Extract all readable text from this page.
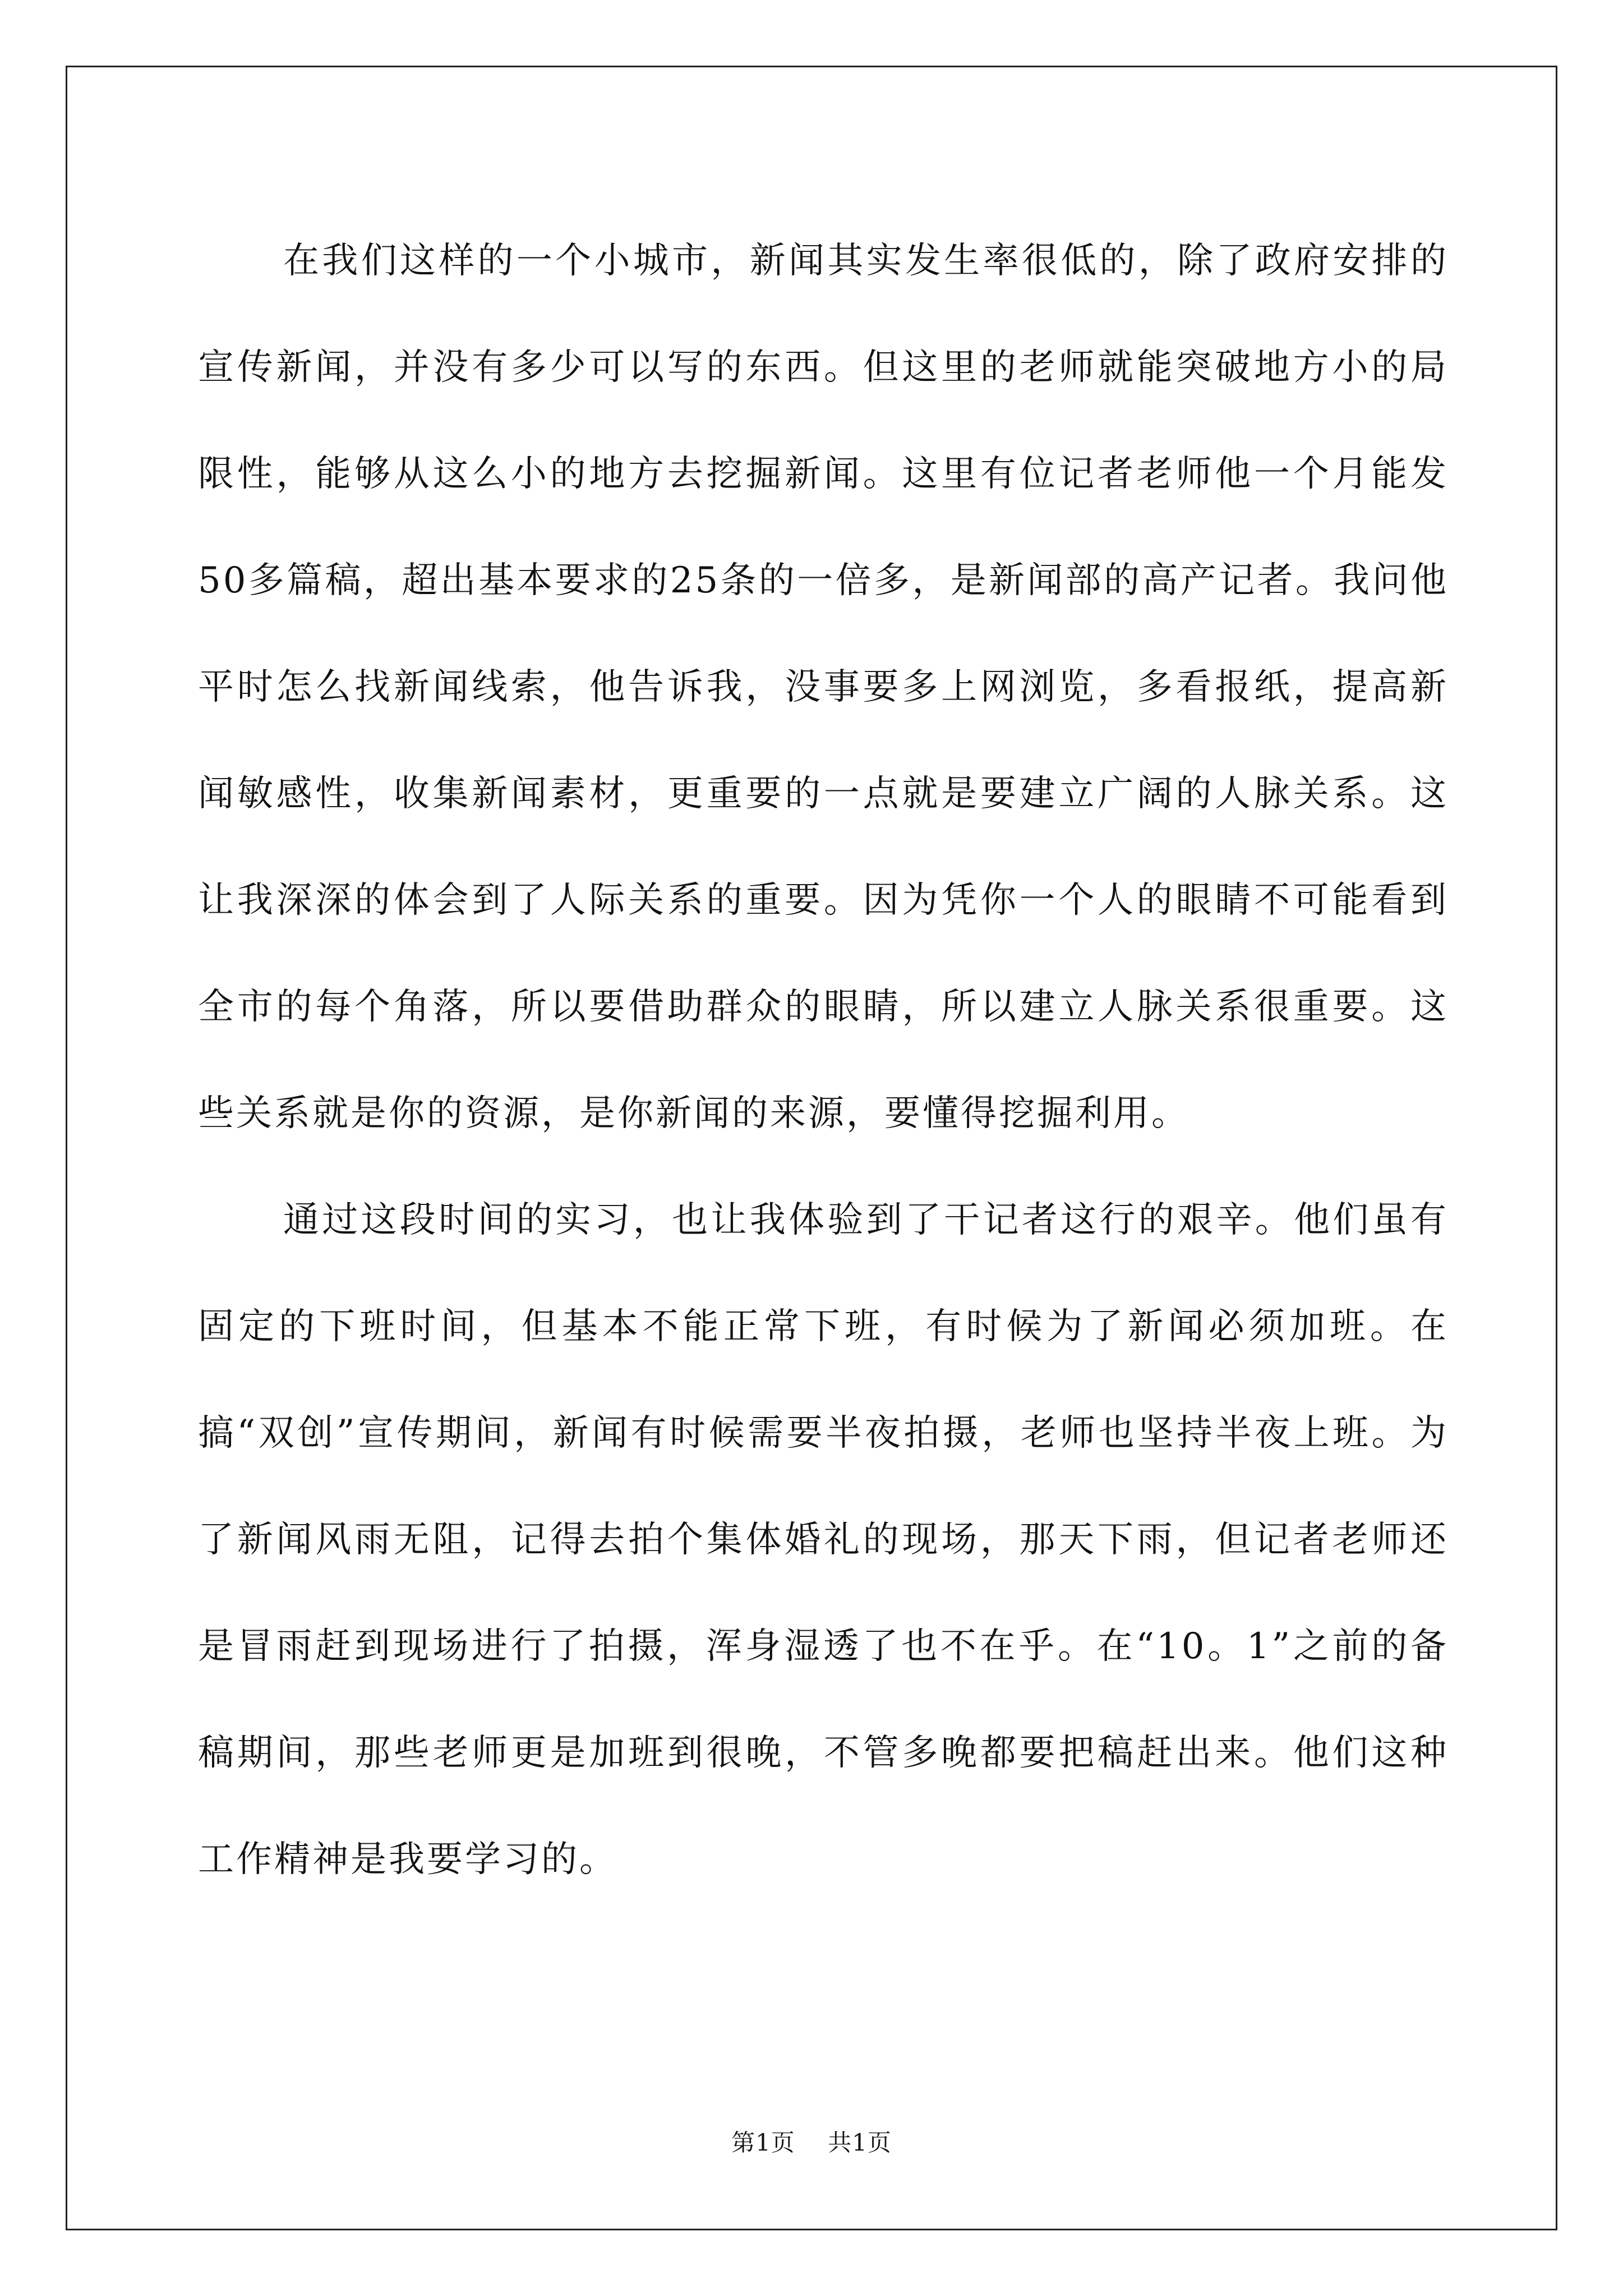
在我们这样的一个小城市，新闻其实发生率很低的，除了政府安排的宣传新闻，并没有多少可以写的东西。但这里的老师就能突破地方小的局限性，能够从这么小的地方去挖掘新闻。这里有位记者老师他一个月能发50多篇稿，超出基本要求的25条的一倍多，是新闻部的高产记者。我问他平时怎么找新闻线索，他告诉我，没事要多上网浏览，多看报纸，提高新闻敏感性，收集新闻素材，更重要的一点就是要建立广阔的人脉关系。这让我深深的体会到了人际关系的重要。因为凭你一个人的眼睛不可能看到全市的每个角落，所以要借助群众的眼睛，所以建立人脉关系很重要。这些关系就是你的资源，是你新闻的来源，要懂得挖掘利用。

通过这段时间的实习，也让我体验到了干记者这行的艰辛。他们虽有固定的下班时间，但基本不能正常下班，有时候为了新闻必须加班。在搞“双创”宣传期间，新闻有时候需要半夜拍摄，老师也坚持半夜上班。为了新闻风雨无阻，记得去拍个集体婚礼的现场，那天下雨，但记者老师还是冒雨赶到现场进行了拍摄，浑身湿透了也不在乎。在“10。1”之前的备稿期间，那些老师更是加班到很晚，不管多晚都要把稿赶出来。他们这种工作精神是我要学习的。

第1页 共1页
